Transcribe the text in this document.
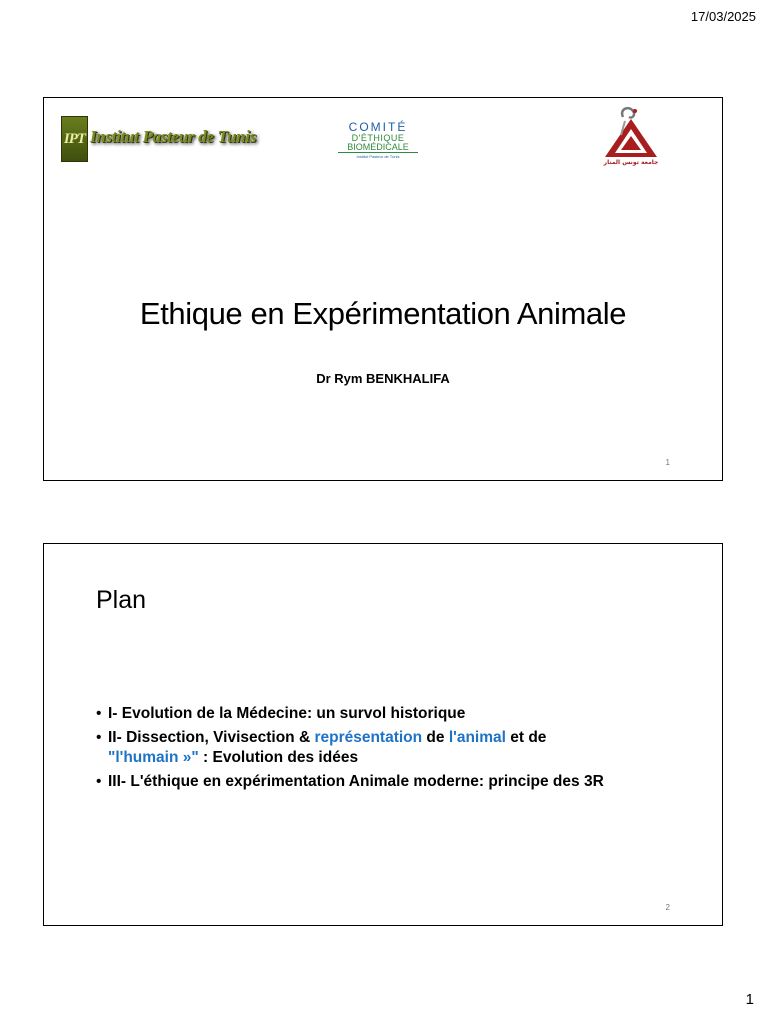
17/03/2025
IPT Institut Pasteur de Tunis	COMITÉ
D'ÉTHIQUE
BIOMÉDICALE
Institut Pasteur de Tunis
جامعة تونس المنار
Ethique en Expérimentation Animale
Dr Rym BENKHALIFA
1
Plan
• I- Evolution de la Médecine: un survol historique
• II- Dissection, Vivisection & représentation de l'animal et de
"l'humain »" : Evolution des idées
• III- L'éthique en expérimentation Animale moderne: principe des 3R
2
1
